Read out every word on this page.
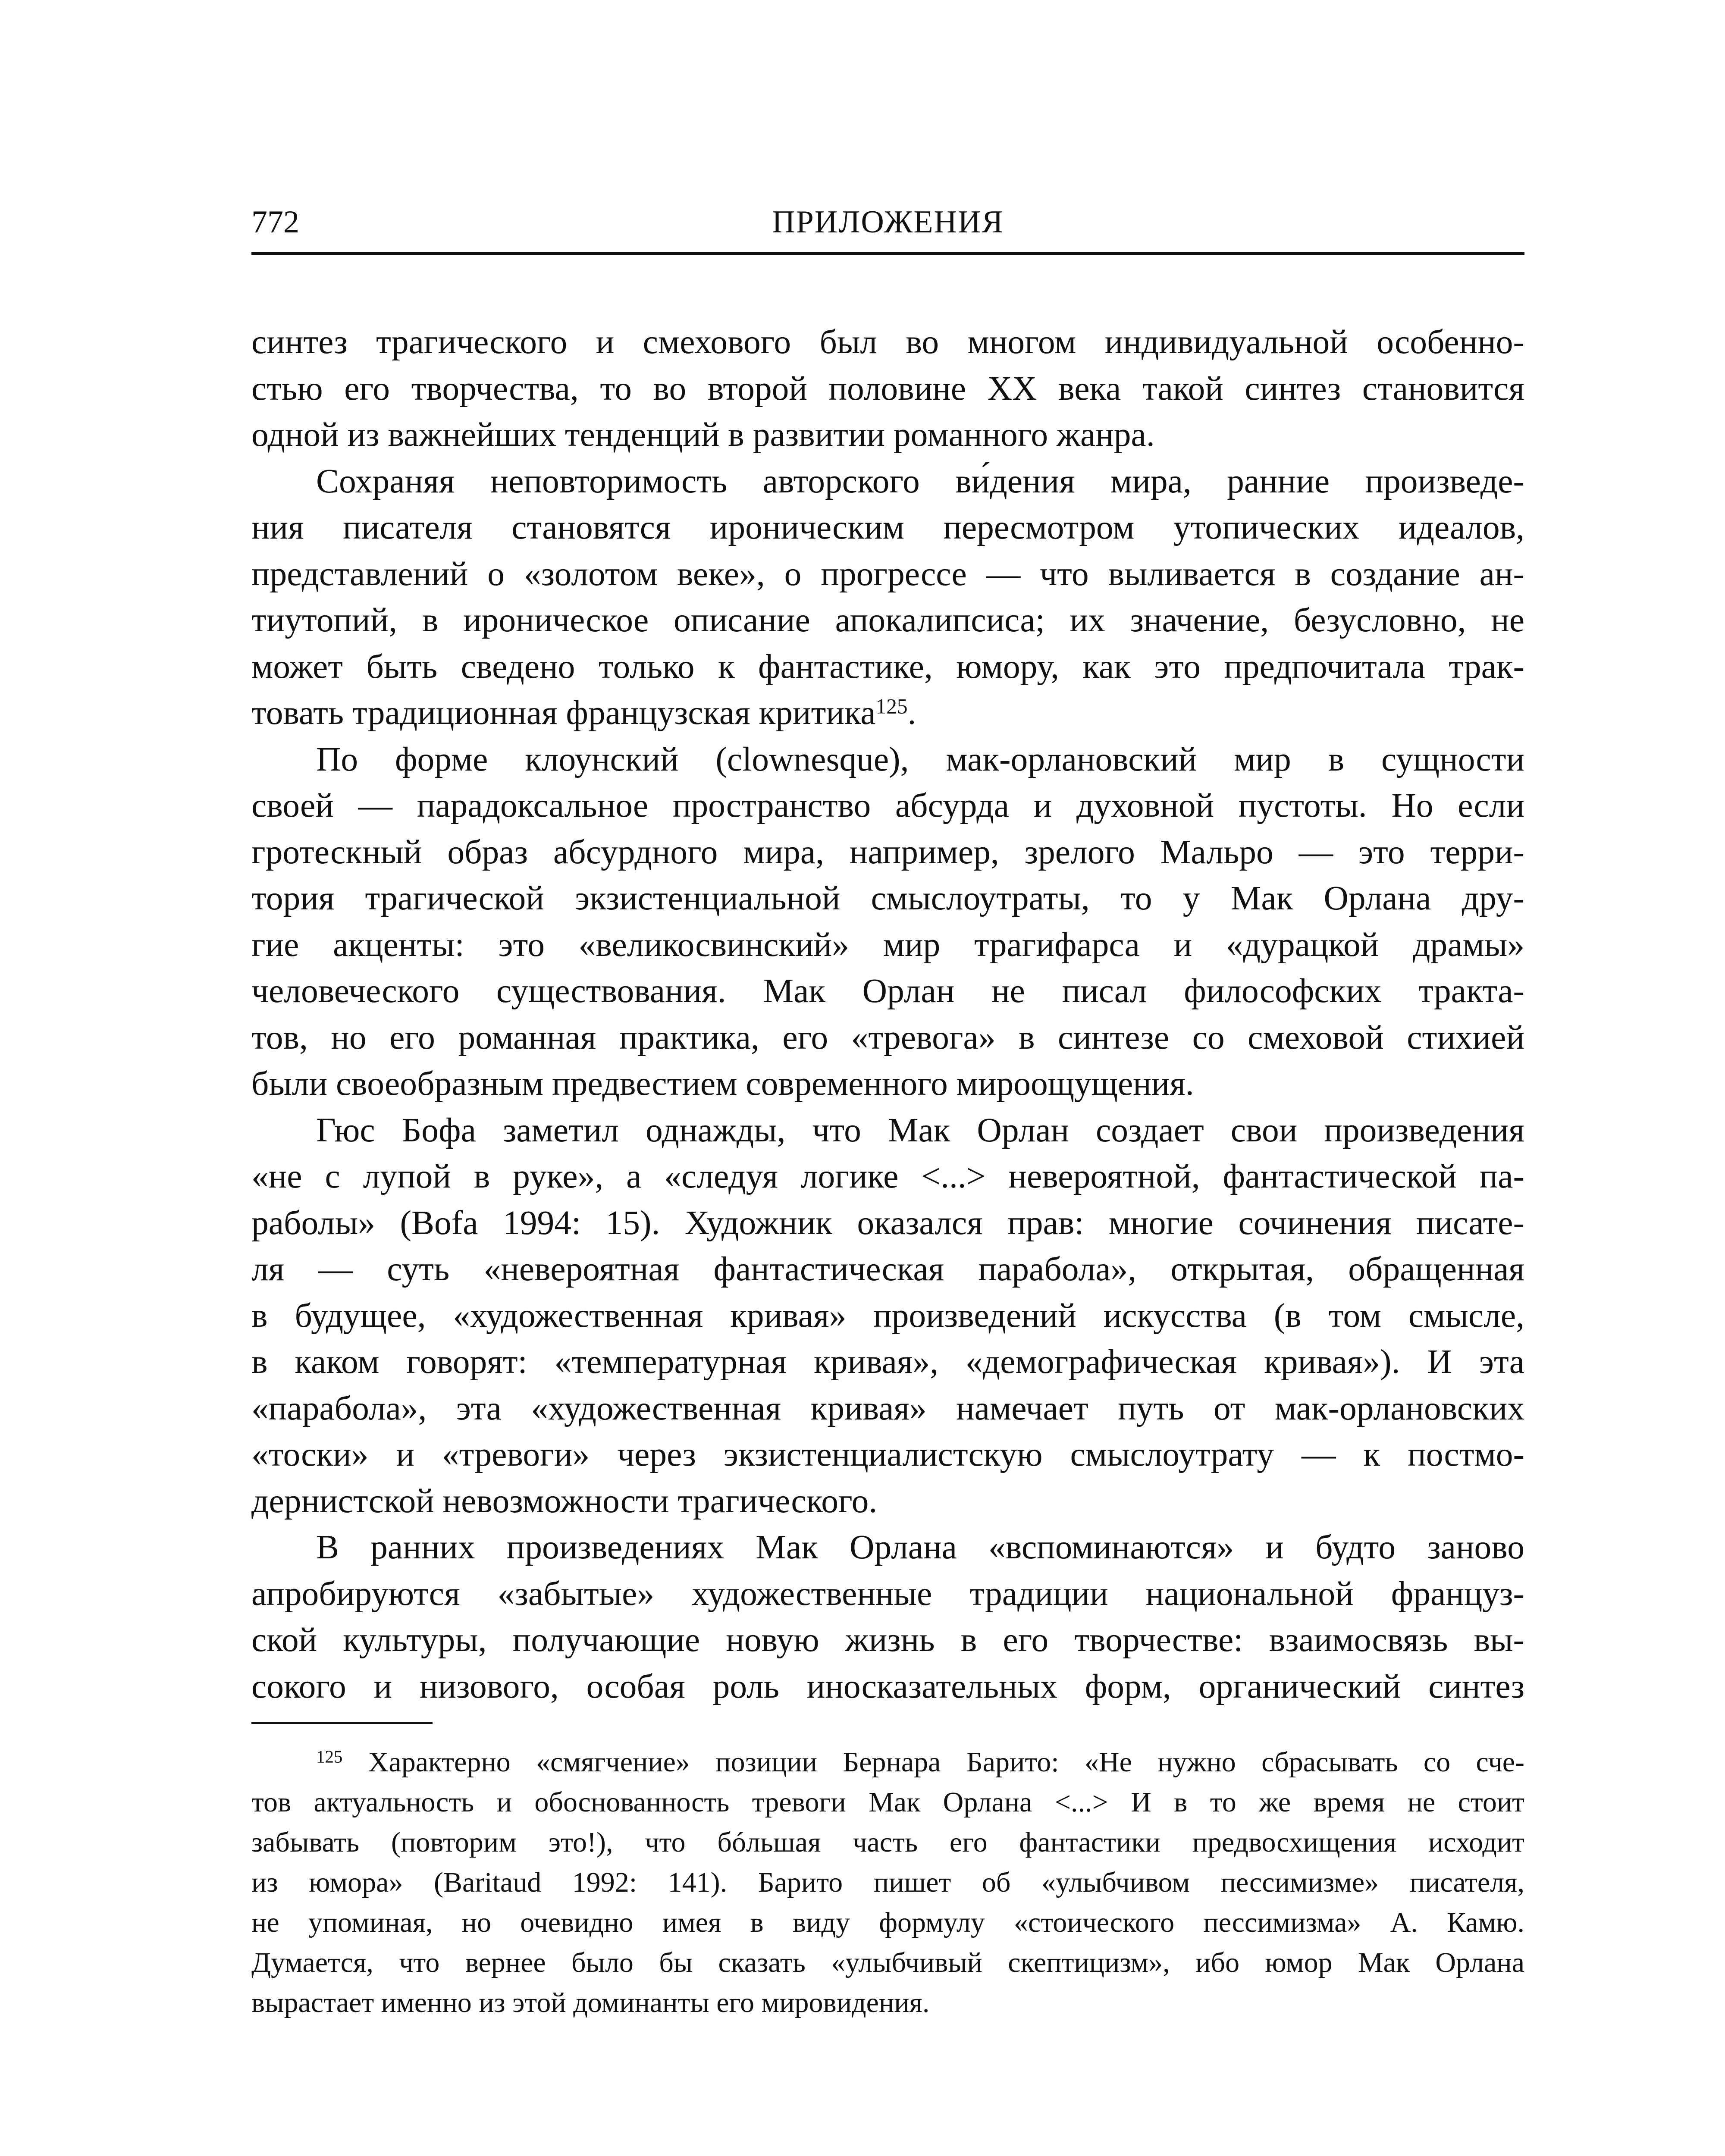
772	ПРИЛОЖЕНИЯ
синтез трагического и смехового был во многом индивидуальной особенно-
стью его творчества, то во второй половине XX века такой синтез становится
одной из важнейших тенденций в развитии романного жанра.
Сохраняя неповторимость авторского ви́дения мира, ранние произведе-
ния писателя становятся ироническим пересмотром утопических идеалов,
представлений о «золотом веке», о прогрессе — что выливается в создание ан-
тиутопий, в ироническое описание апокалипсиса; их значение, безусловно, не
может быть сведено только к фантастике, юмору, как это предпочитала трак-
товать традиционная французская критика$^{125}$.
По форме клоунский (clownesque), мак-орлановский мир в сущности
своей — парадоксальное пространство абсурда и духовной пустоты. Но если
гротескный образ абсурдного мира, например, зрелого Мальро — это терри-
тория трагической экзистенциальной смыслоутраты, то у Мак Орлана дру-
гие акценты: это «великосвинский» мир трагифарса и «дурацкой драмы»
человеческого существования. Мак Орлан не писал философских тракта-
тов, но его романная практика, его «тревога» в синтезе со смеховой стихией
были своеобразным предвестием современного мироощущения.
Гюс Бофа заметил однажды, что Мак Орлан создает свои произведения
«не с лупой в руке», а «следуя логике <...> невероятной, фантастической па-
раболы» (Bofa 1994: 15). Художник оказался прав: многие сочинения писате-
ля — суть «невероятная фантастическая парабола», открытая, обращенная
в будущее, «художественная кривая» произведений искусства (в том смысле,
в каком говорят: «температурная кривая», «демографическая кривая»). И эта
«парабола», эта «художественная кривая» намечает путь от мак-орлановских
«тоски» и «тревоги» через экзистенциалистскую смыслоутрату — к постмо-
дернистской невозможности трагического.
В ранних произведениях Мак Орлана «вспоминаются» и будто заново
апробируются «забытые» художественные традиции национальной француз-
ской культуры, получающие новую жизнь в его творчестве: взаимосвязь вы-
сокого и низового, особая роль иносказательных форм, органический синтез
$^{125}$ Характерно «смягчение» позиции Бернара Барито: «Не нужно сбрасывать со сче-
тов актуальность и обоснованность тревоги Мак Орлана <...> И в то же время не стоит
забывать (повторим это!), что бóльшая часть его фантастики предвосхищения исходит
из юмора» (Baritaud 1992: 141). Барито пишет об «улыбчивом пессимизме» писателя,
не упоминая, но очевидно имея в виду формулу «стоического пессимизма» А. Камю.
Думается, что вернее было бы сказать «улыбчивый скептицизм», ибо юмор Мак Орлана
вырастает именно из этой доминанты его мировидения.
